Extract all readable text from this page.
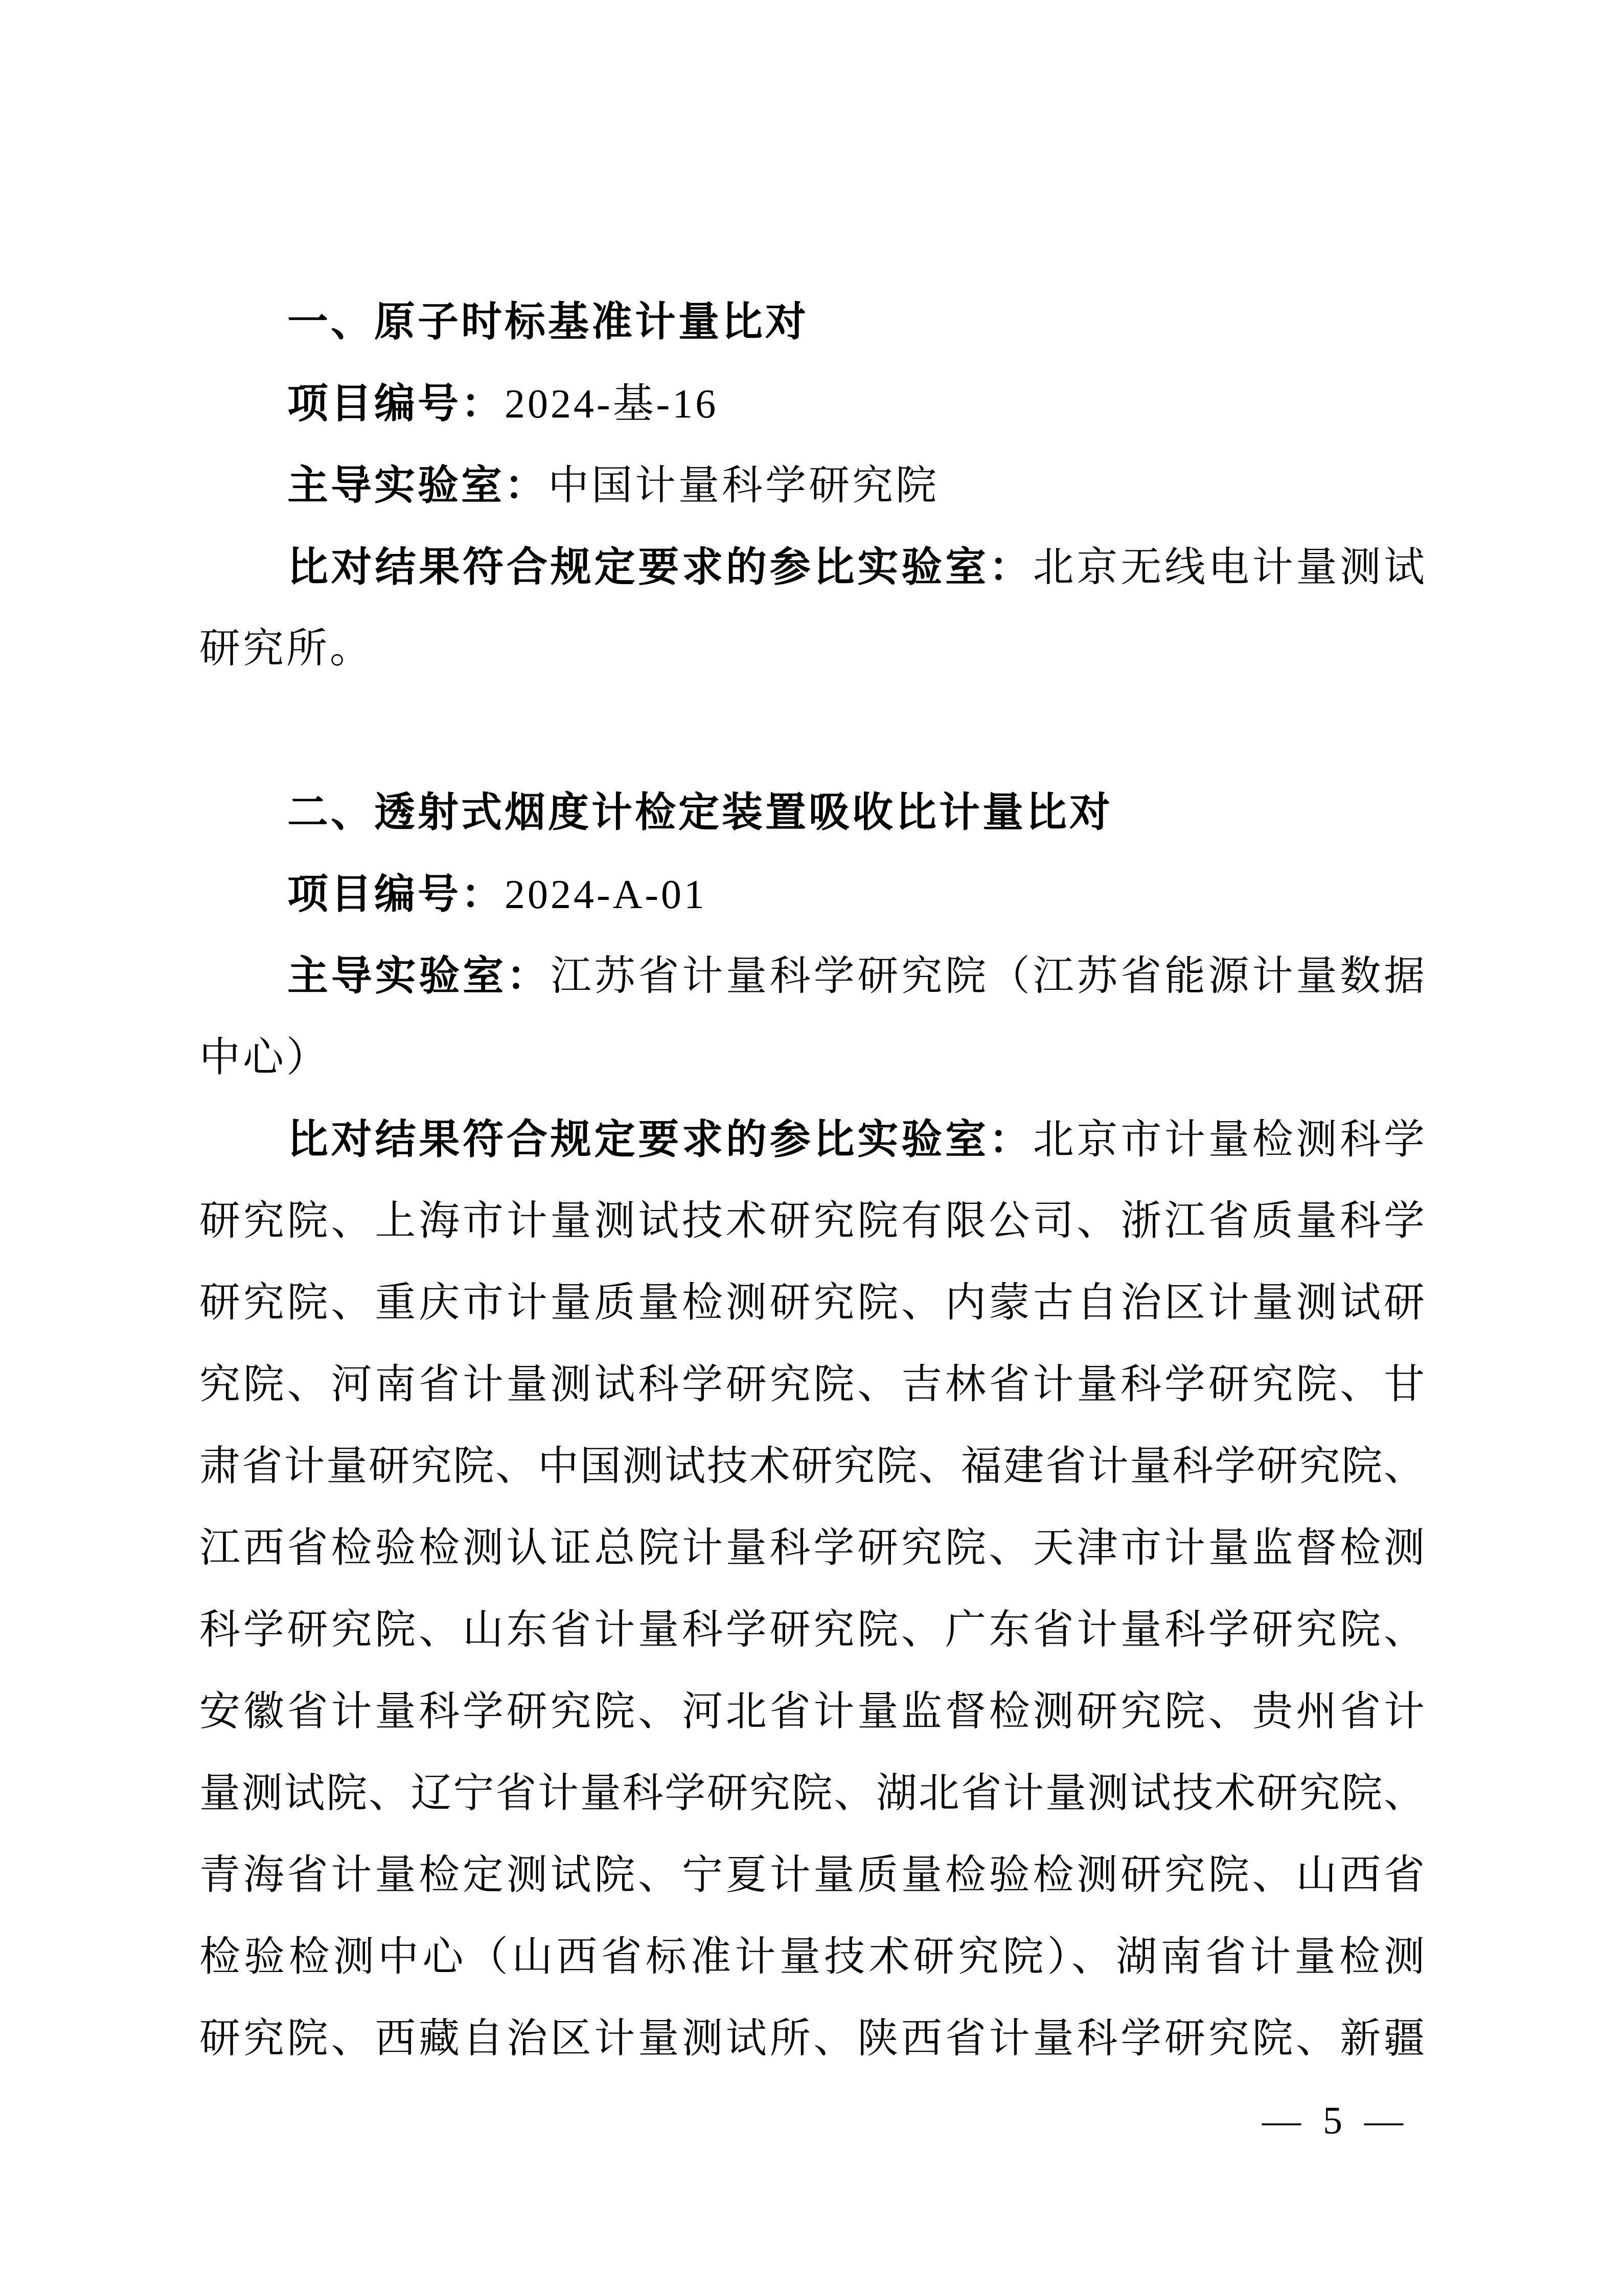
一、原子时标基准计量比对
项目编号：2024-基-16
主导实验室：中国计量科学研究院
比对结果符合规定要求的参比实验室：北京无线电计量测试
研究所。
二、透射式烟度计检定装置吸收比计量比对
项目编号：2024-A-01
主导实验室：江苏省计量科学研究院（江苏省能源计量数据
中心）
比对结果符合规定要求的参比实验室：北京市计量检测科学
研究院、上海市计量测试技术研究院有限公司、浙江省质量科学
研究院、重庆市计量质量检测研究院、内蒙古自治区计量测试研
究院、河南省计量测试科学研究院、吉林省计量科学研究院、甘
肃省计量研究院、中国测试技术研究院、福建省计量科学研究院、
江西省检验检测认证总院计量科学研究院、天津市计量监督检测
科学研究院、山东省计量科学研究院、广东省计量科学研究院、
安徽省计量科学研究院、河北省计量监督检测研究院、贵州省计
量测试院、辽宁省计量科学研究院、湖北省计量测试技术研究院、
青海省计量检定测试院、宁夏计量质量检验检测研究院、山西省
检验检测中心（山西省标准计量技术研究院）、湖南省计量检测
研究院、西藏自治区计量测试所、陕西省计量科学研究院、新疆
— 5 —
